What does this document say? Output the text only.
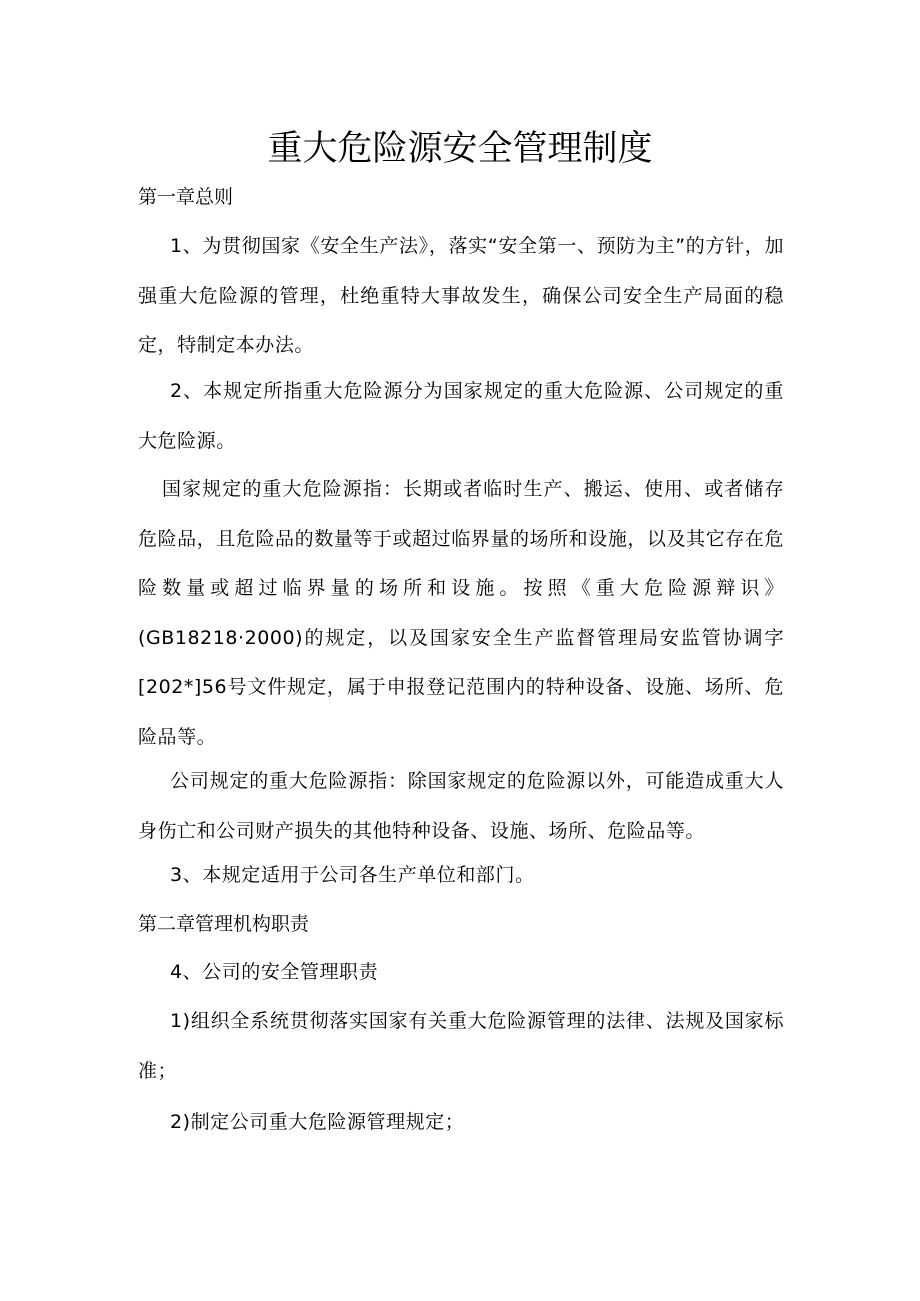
重大危险源安全管理制度

第一章总则

1、为贯彻国家《安全生产法》，落实“安全第一、预防为主”的方针，加强重大危险源的管理，杜绝重特大事故发生，确保公司安全生产局面的稳定，特制定本办法。

2、本规定所指重大危险源分为国家规定的重大危险源、公司规定的重大危险源。

国家规定的重大危险源指：长期或者临时生产、搬运、使用、或者储存危险品，且危险品的数量等于或超过临界量的场所和设施，以及其它存在危险数量或超过临界量的场所和设施。按照《重大危险源辩识》(GB18218·2000)的规定，以及国家安全生产监督管理局安监管协调字[202*]56号文件规定，属于申报登记范围内的特种设备、设施、场所、危险品等。

公司规定的重大危险源指：除国家规定的危险源以外，可能造成重大人身伤亡和公司财产损失的其他特种设备、设施、场所、危险品等。

3、本规定适用于公司各生产单位和部门。

第二章管理机构职责

4、公司的安全管理职责

1)组织全系统贯彻落实国家有关重大危险源管理的法律、法规及国家标准；

2)制定公司重大危险源管理规定；
